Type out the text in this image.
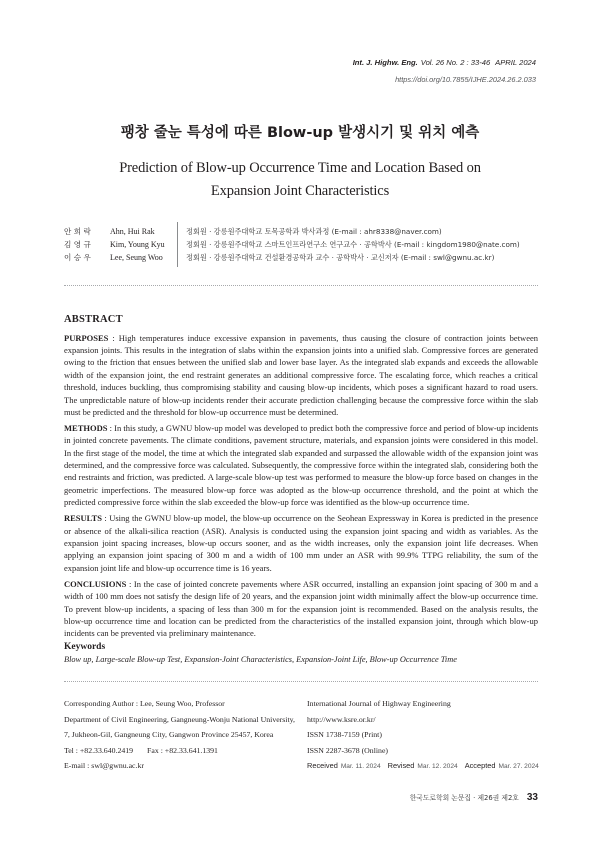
Int. J. Highw. Eng. Vol. 26 No. 2 : 33-46 APRIL 2024
https://doi.org/10.7855/IJHE.2024.26.2.033
팽창 줄눈 특성에 따른 Blow-up 발생시기 및 위치 예측
Prediction of Blow-up Occurrence Time and Location Based on
Expansion Joint Characteristics
안 희 락 Ahn, Hui Rak	정회원 · 강릉원주대학교 토목공학과 박사과정 (E-mail : ahr8338@naver.com)
김 영 규 Kim, Young Kyu	정회원 · 강릉원주대학교 스마트인프라연구소 연구교수 · 공학박사 (E-mail : kingdom1980@nate.com)
이 승 우 Lee, Seung Woo	정회원 · 강릉원주대학교 건설환경공학과 교수 · 공학박사 · 교신저자 (E-mail : swl@gwnu.ac.kr)
ABSTRACT

PURPOSES : High temperatures induce excessive expansion in pavements, thus causing the closure of contraction joints between expansion joints. This results in the integration of slabs within the expansion joints into a unified slab. Compressive forces are generated owing to the friction that ensues between the unified slab and lower base layer. As the integrated slab expands and exceeds the allowable width of the expansion joint, the end restraint generates an additional compressive force. The escalating force, which reaches a critical threshold, induces buckling, thus compromising stability and causing blow-up incidents, which poses a significant hazard to road users. The unpredictable nature of blow-up incidents render their accurate prediction challenging because the compressive force within the slab must be predicted and the threshold for blow-up occurrence must be determined.

METHODS : In this study, a GWNU blow-up model was developed to predict both the compressive force and period of blow-up incidents in jointed concrete pavements. The climate conditions, pavement structure, materials, and expansion joints were considered in this model. In the first stage of the model, the time at which the integrated slab expanded and surpassed the allowable width of the expansion joint was determined, and the compressive force was calculated. Subsequently, the compressive force within the integrated slab, considering both the end restraints and friction, was predicted. A large-scale blow-up test was performed to measure the blow-up force based on changes in the geometric imperfections. The measured blow-up force was adopted as the blow-up occurrence threshold, and the point at which the predicted compressive force within the slab exceeded the blow-up force was identified as the blow-up occurrence time.

RESULTS : Using the GWNU blow-up model, the blow-up occurrence on the Seohean Expressway in Korea is predicted in the presence or absence of the alkali-silica reaction (ASR). Analysis is conducted using the expansion joint spacing and width as variables. As the expansion joint spacing increases, blow-up occurs sooner, and as the width increases, only the expansion joint life decreases. When applying an expansion joint spacing of 300 m and a width of 100 mm under an ASR with 99.9% TTPG reliability, the sum of the expansion joint life and blow-up occurrence time is 16 years.

CONCLUSIONS : In the case of jointed concrete pavements where ASR occurred, installing an expansion joint spacing of 300 m and a width of 100 mm does not satisfy the design life of 20 years, and the expansion joint width minimally affect the blow-up occurrence time. To prevent blow-up incidents, a spacing of less than 300 m for the expansion joint is recommended. Based on the analysis results, the blow-up occurrence time and location can be predicted from the characteristics of the installed expansion joint, through which blow-up incidents can be prevented via preliminary maintenance.

Keywords
Blow up, Large-scale Blow-up Test, Expansion-Joint Characteristics, Expansion-Joint Life, Blow-up Occurrence Time
Corresponding Author : Lee, Seung Woo, Professor
Department of Civil Engineering, Gangneung-Wonju National University,
7, Jukheon-Gil, Gangneung City, Gangwon Province 25457, Korea
Tel : +82.33.640.2419 Fax : +82.33.641.1391
E-mail : swl@gwnu.ac.kr
International Journal of Highway Engineering
http://www.ksre.or.kr/
ISSN 1738-7159 (Print)
ISSN 2287-3678 (Online)
Received Mar. 11. 2024 Revised Mar. 12. 2024 Accepted Mar. 27. 2024
한국도로학회 논문집 · 제26권 제2호 33
